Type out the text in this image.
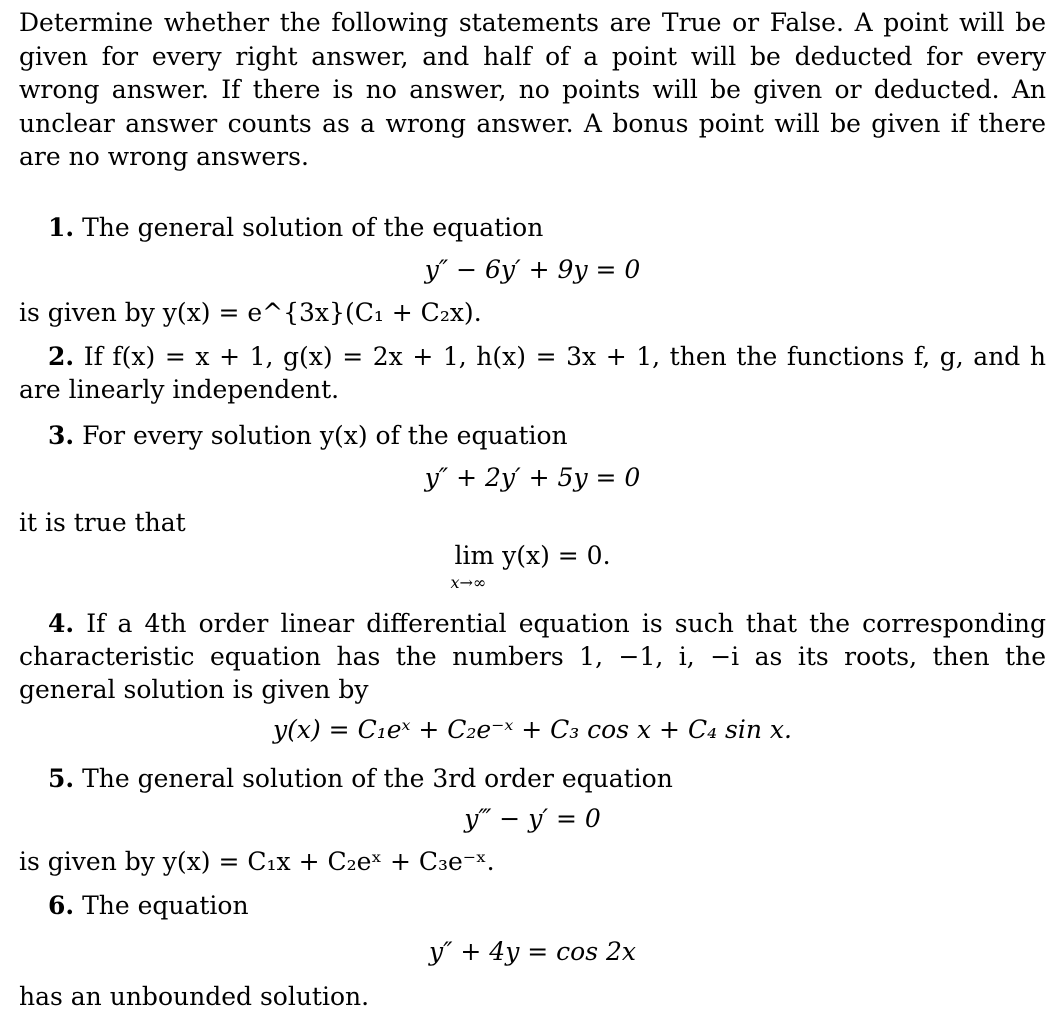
Determine whether the following statements are True or False. A point will be given for every right answer, and half of a point will be deducted for every wrong answer. If there is no answer, no points will be given or deducted. An unclear answer counts as a wrong answer. A bonus point will be given if there are no wrong answers.

1. The general solution of the equation
y″ − 6y′ + 9y = 0
is given by y(x) = e^{3x}(C₁ + C₂x).
2. If f(x) = x + 1, g(x) = 2x + 1, h(x) = 3x + 1, then the functions f, g, and h are linearly independent.
3. For every solution y(x) of the equation
y″ + 2y′ + 5y = 0
it is true that
lim y(x) = 0.
x→∞
4. If a 4th order linear differential equation is such that the corresponding characteristic equation has the numbers 1, −1, i, −i as its roots, then the general solution is given by
y(x) = C₁eˣ + C₂e⁻ˣ + C₃ cos x + C₄ sin x.
5. The general solution of the 3rd order equation
y‴ − y′ = 0
is given by y(x) = C₁x + C₂eˣ + C₃e⁻ˣ.
6. The equation
y″ + 4y = cos 2x
has an unbounded solution.
